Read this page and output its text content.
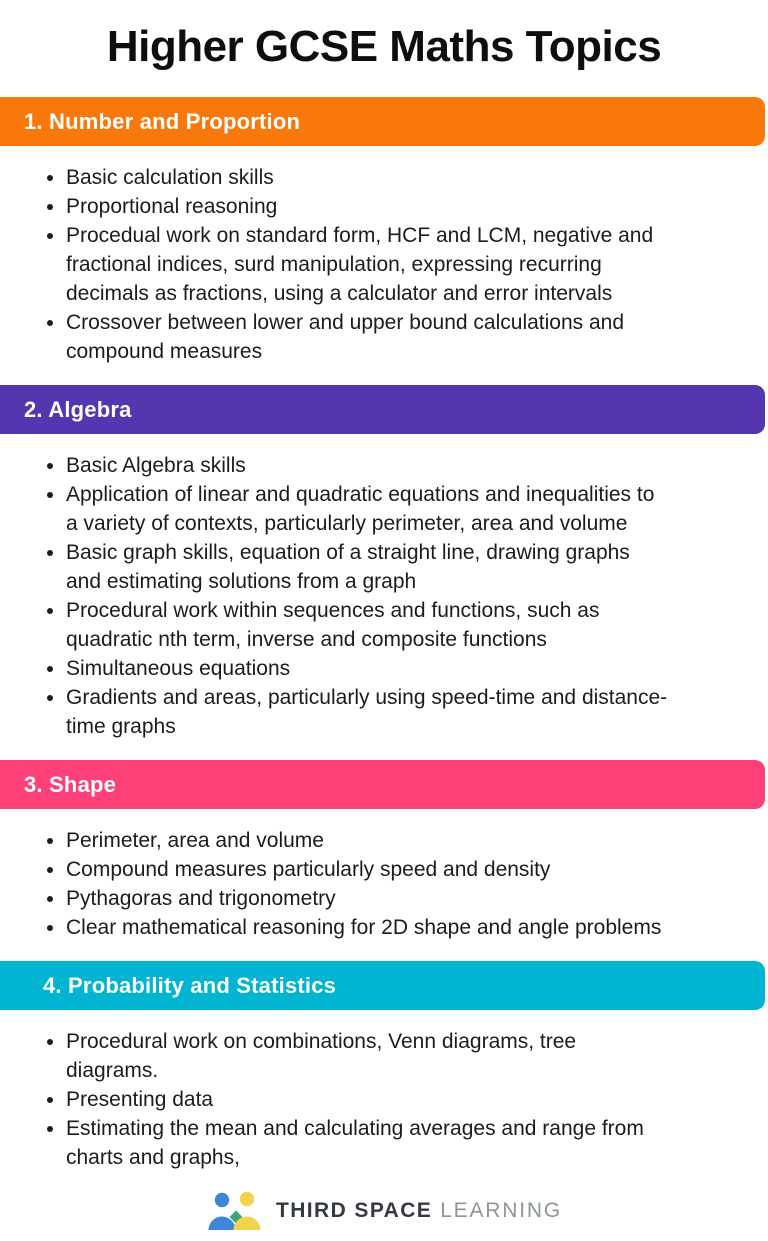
Higher GCSE Maths Topics
1. Number and Proportion
• Basic calculation skills
• Proportional reasoning
• Procedual work on standard form, HCF and LCM, negative and fractional indices, surd manipulation, expressing recurring decimals as fractions, using a calculator and error intervals
• Crossover between lower and upper bound calculations and compound measures
2. Algebra
• Basic Algebra skills
• Application of linear and quadratic equations and inequalities to a variety of contexts, particularly perimeter, area and volume
• Basic graph skills, equation of a straight line, drawing graphs and estimating solutions from a graph
• Procedural work within sequences and functions, such as quadratic nth term, inverse and composite functions
• Simultaneous equations
• Gradients and areas, particularly using speed-time and distance-time graphs
3. Shape
• Perimeter, area and volume
• Compound measures particularly speed and density
• Pythagoras and trigonometry
• Clear mathematical reasoning for 2D shape and angle problems
4. Probability and Statistics
• Procedural work on combinations, Venn diagrams, tree diagrams.
• Presenting data
• Estimating the mean and calculating averages and range from charts and graphs,
THIRD SPACE LEARNING
